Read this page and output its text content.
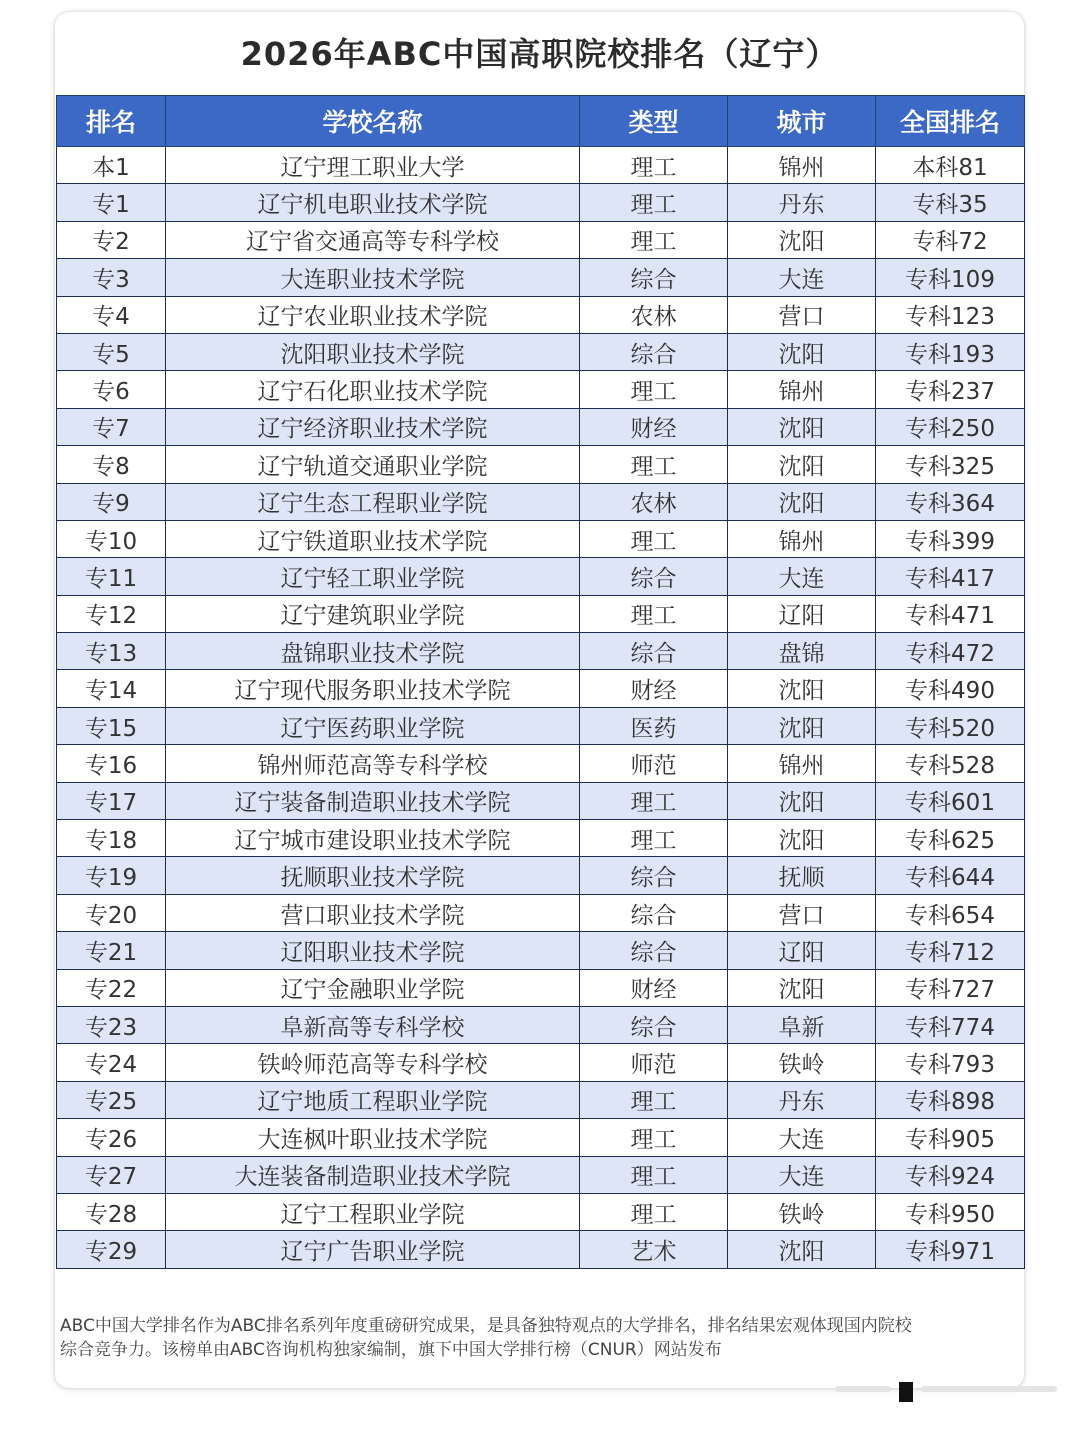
2026年ABC中国高职院校排名（辽宁）
排名	学校名称	类型	城市	全国排名
本1	辽宁理工职业大学	理工	锦州	本科81
专1	辽宁机电职业技术学院	理工	丹东	专科35
专2	辽宁省交通高等专科学校	理工	沈阳	专科72
专3	大连职业技术学院	综合	大连	专科109
专4	辽宁农业职业技术学院	农林	营口	专科123
专5	沈阳职业技术学院	综合	沈阳	专科193
专6	辽宁石化职业技术学院	理工	锦州	专科237
专7	辽宁经济职业技术学院	财经	沈阳	专科250
专8	辽宁轨道交通职业学院	理工	沈阳	专科325
专9	辽宁生态工程职业学院	农林	沈阳	专科364
专10	辽宁铁道职业技术学院	理工	锦州	专科399
专11	辽宁轻工职业学院	综合	大连	专科417
专12	辽宁建筑职业学院	理工	辽阳	专科471
专13	盘锦职业技术学院	综合	盘锦	专科472
专14	辽宁现代服务职业技术学院	财经	沈阳	专科490
专15	辽宁医药职业学院	医药	沈阳	专科520
专16	锦州师范高等专科学校	师范	锦州	专科528
专17	辽宁装备制造职业技术学院	理工	沈阳	专科601
专18	辽宁城市建设职业技术学院	理工	沈阳	专科625
专19	抚顺职业技术学院	综合	抚顺	专科644
专20	营口职业技术学院	综合	营口	专科654
专21	辽阳职业技术学院	综合	辽阳	专科712
专22	辽宁金融职业学院	财经	沈阳	专科727
专23	阜新高等专科学校	综合	阜新	专科774
专24	铁岭师范高等专科学校	师范	铁岭	专科793
专25	辽宁地质工程职业学院	理工	丹东	专科898
专26	大连枫叶职业技术学院	理工	大连	专科905
专27	大连装备制造职业技术学院	理工	大连	专科924
专28	辽宁工程职业学院	理工	铁岭	专科950
专29	辽宁广告职业学院	艺术	沈阳	专科971
ABC中国大学排名作为ABC排名系列年度重磅研究成果，是具备独特观点的大学排名，排名结果宏观体现国内院校
综合竞争力。该榜单由ABC咨询机构独家编制，旗下中国大学排行榜（CNUR）网站发布
